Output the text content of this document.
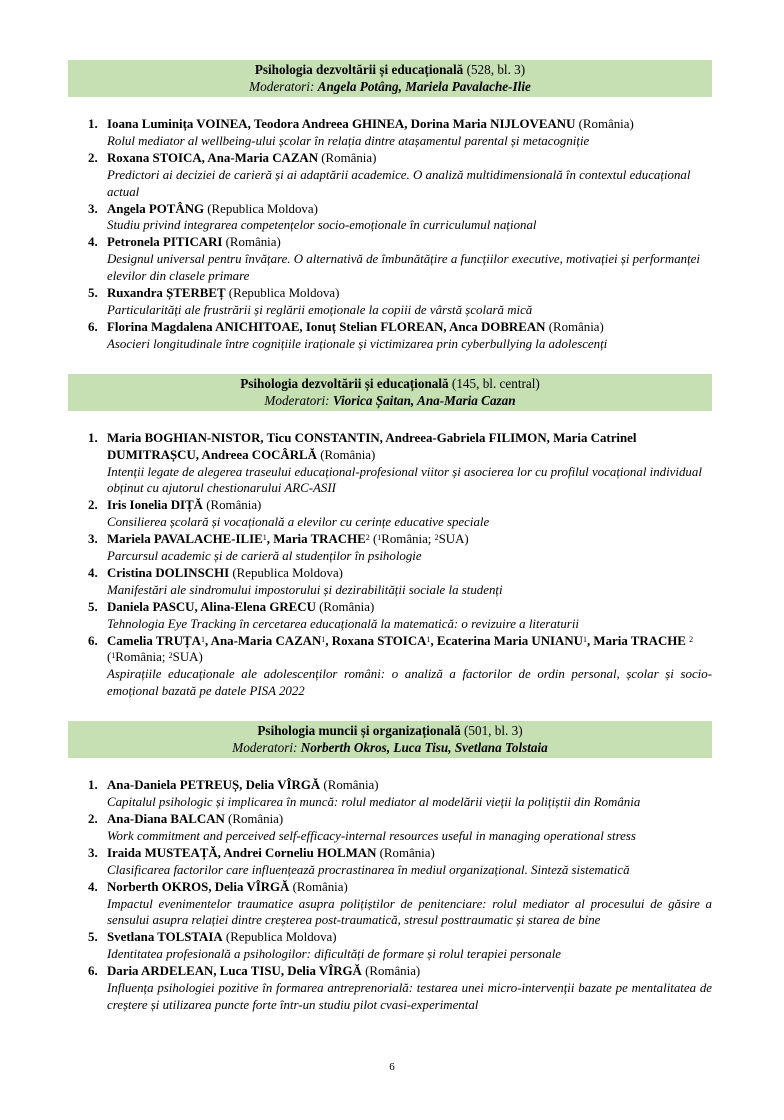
Psihologia dezvoltării și educațională (528, bl. 3)
Moderatori: Angela Potâng, Mariela Pavalache-Ilie
1. Ioana Luminița VOINEA, Teodora Andreea GHINEA, Dorina Maria NIJLOVEANU (România)
Rolul mediator al wellbeing-ului școlar în relația dintre atașamentul parental și metacogniție
2. Roxana STOICA, Ana-Maria CAZAN (România)
Predictori ai deciziei de carieră și ai adaptării academice. O analiză multidimensională în contextul educațional actual
3. Angela POTÂNG (Republica Moldova)
Studiu privind integrarea competențelor socio-emoționale în curriculumul național
4. Petronela PITICARI (România)
Designul universal pentru învățare. O alternativă de îmbunătățire a funcțiilor executive, motivației și performanței elevilor din clasele primare
5. Ruxandra ȘTERBEȚ (Republica Moldova)
Particularități ale frustrării și reglării emoționale la copiii de vârstă școlară mică
6. Florina Magdalena ANICHITOAE, Ionuț Stelian FLOREAN, Anca DOBREAN (România)
Asocieri longitudinale între cognițiile iraționale și victimizarea prin cyberbullying la adolescenți
Psihologia dezvoltării și educațională (145, bl. central)
Moderatori: Viorica Șaitan, Ana-Maria Cazan
1. Maria BOGHIAN-NISTOR, Ticu CONSTANTIN, Andreea-Gabriela FILIMON, Maria Catrinel DUMITRAȘCU, Andreea COCÂRLĂ (România)
Intenții legate de alegerea traseului educațional-profesional viitor și asocierea lor cu profilul vocațional individual obținut cu ajutorul chestionarului ARC-ASII
2. Iris Ionelia DIȚĂ (România)
Consilierea școlară și vocațională a elevilor cu cerințe educative speciale
3. Mariela PAVALACHE-ILIE$^1$, Maria TRACHE$^2$ ($^1$România; $^2$SUA)
Parcursul academic și de carieră al studenților în psihologie
4. Cristina DOLINSCHI (Republica Moldova)
Manifestări ale sindromului impostorului și dezirabilității sociale la studenți
5. Daniela PASCU, Alina-Elena GRECU (România)
Tehnologia Eye Tracking în cercetarea educațională la matematică: o revizuire a literaturii
6. Camelia TRUȚA$^1$, Ana-Maria CAZAN$^1$, Roxana STOICA$^1$, Ecaterina Maria UNIANU$^1$, Maria TRACHE $^2$ ($^1$România; $^2$SUA)
Aspirațiile educaționale ale adolescenților români: o analiză a factorilor de ordin personal, școlar și socio-emoțional bazată pe datele PISA 2022
Psihologia muncii și organizațională (501, bl. 3)
Moderatori: Norberth Okros, Luca Tisu, Svetlana Tolstaia
1. Ana-Daniela PETREUȘ, Delia VÎRGĂ (România)
Capitalul psihologic și implicarea în muncă: rolul mediator al modelării vieții la polițiștii din România
2. Ana-Diana BALCAN (România)
Work commitment and perceived self-efficacy-internal resources useful in managing operational stress
3. Iraida MUSTEAȚĂ, Andrei Corneliu HOLMAN (România)
Clasificarea factorilor care influențează procrastinarea în mediul organizațional. Sinteză sistematică
4. Norberth OKROS, Delia VÎRGĂ (România)
Impactul evenimentelor traumatice asupra polițiștilor de penitenciare: rolul mediator al procesului de găsire a sensului asupra relației dintre creșterea post-traumatică, stresul posttraumatic și starea de bine
5. Svetlana TOLSTAIA (Republica Moldova)
Identitatea profesională a psihologilor: dificultăți de formare și rolul terapiei personale
6. Daria ARDELEAN, Luca TISU, Delia VÎRGĂ (România)
Influența psihologiei pozitive în formarea antreprenorială: testarea unei micro-intervenții bazate pe mentalitatea de creștere și utilizarea puncte forte într-un studiu pilot cvasi-experimental
6
